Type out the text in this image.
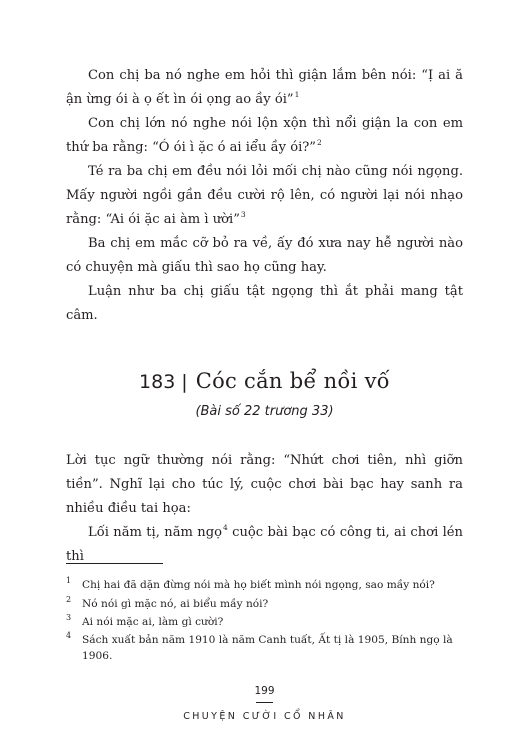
Con chị ba nó nghe em hỏi thì giận lắm bên nói: “Ị ai ă ận ừng ói à ọ ết ìn ói ọng ao ầy ói”$^1$

Con chị lớn nó nghe nói lộn xộn thì nổi giận la con em thứ ba rằng: “Ó ói ì ặc ó ai iểu ầy ói?”$^2$

Té ra ba chị em đều nói lỏi mối chị nào cũng nói ngọng. Mấy người ngồi gần đều cười rộ lên, có người lại nói nhạo rằng: “Ai ói ặc ai àm ì ười”$^3$

Ba chị em mắc cỡ bỏ ra về, ấy đó xưa nay hễ người nào có chuyện mà giấu thì sao họ cũng hay.

Luận như ba chị giấu tật ngọng thì ắt phải mang tật câm.

183 | Cóc cắn bể nồi vố
(Bài số 22 trương 33)

Lời tục ngữ thường nói rằng: “Nhứt chơi tiên, nhì giỡn tiền”. Nghĩ lại cho túc lý, cuộc chơi bài bạc hay sanh ra nhiều điều tai họa:

Lối năm tị, năm ngọ$^4$ cuộc bài bạc có công ti, ai chơi lén thì

1 Chị hai đã dặn đừng nói mà họ biết mình nói ngọng, sao mầy nói?
2 Nó nói gì mặc nó, ai biểu mầy nói?
3 Ai nói mặc ai, làm gì cười?
4 Sách xuất bản năm 1910 là năm Canh tuất, Ất tị là 1905, Bính ngọ là 1906.
199
CHUYỆN CƯỜI CỔ NHÂN
